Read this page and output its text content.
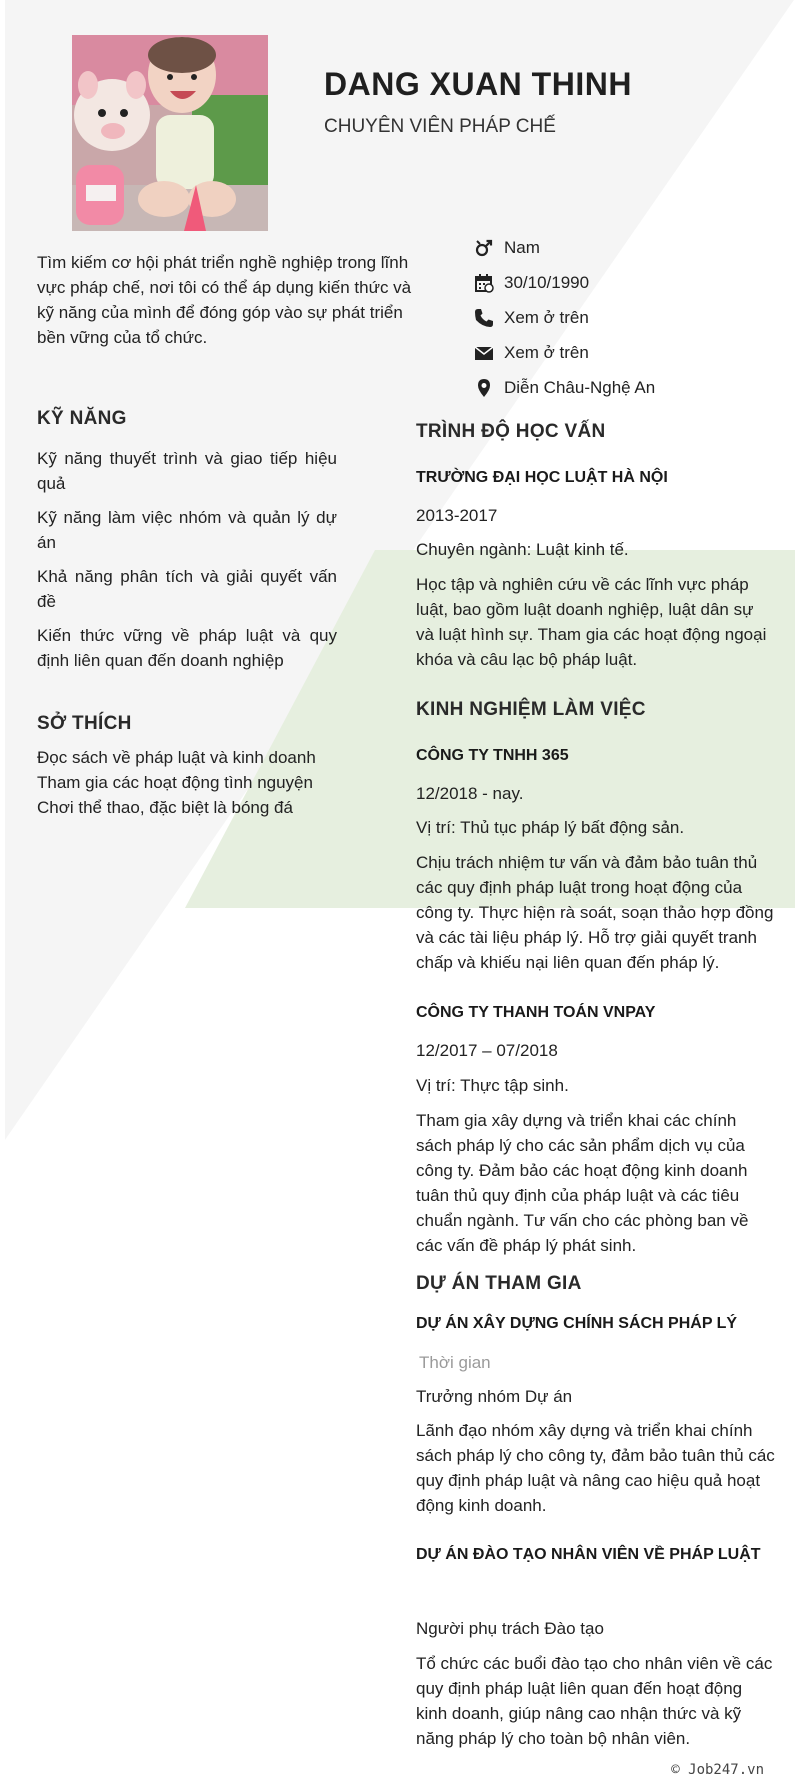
DANG XUAN THINH
CHUYÊN VIÊN PHÁP CHẾ
Tìm kiếm cơ hội phát triển nghề nghiệp trong lĩnh vực pháp chế, nơi tôi có thể áp dụng kiến thức và kỹ năng của mình để đóng góp vào sự phát triển bền vững của tổ chức.
Nam
30/10/1990
Xem ở trên
Xem ở trên
Diễn Châu-Nghệ An
KỸ NĂNG
Kỹ năng thuyết trình và giao tiếp hiệu quả
Kỹ năng làm việc nhóm và quản lý dự án
Khả năng phân tích và giải quyết vấn đề
Kiến thức vững về pháp luật và quy định liên quan đến doanh nghiệp
SỞ THÍCH
Đọc sách về pháp luật và kinh doanh
Tham gia các hoạt động tình nguyện
Chơi thể thao, đặc biệt là bóng đá
TRÌNH ĐỘ HỌC VẤN
TRƯỜNG ĐẠI HỌC LUẬT HÀ NỘI
2013-2017
Chuyên ngành: Luật kinh tế.
Học tập và nghiên cứu về các lĩnh vực pháp luật, bao gồm luật doanh nghiệp, luật dân sự và luật hình sự. Tham gia các hoạt động ngoại khóa và câu lạc bộ pháp luật.
KINH NGHIỆM LÀM VIỆC
CÔNG TY TNHH 365
12/2018 - nay.
Vị trí: Thủ tục pháp lý bất động sản.
Chịu trách nhiệm tư vấn và đảm bảo tuân thủ các quy định pháp luật trong hoạt động của công ty. Thực hiện rà soát, soạn thảo hợp đồng và các tài liệu pháp lý. Hỗ trợ giải quyết tranh chấp và khiếu nại liên quan đến pháp lý.
CÔNG TY THANH TOÁN VNPAY
12/2017 – 07/2018
Vị trí: Thực tập sinh.
Tham gia xây dựng và triển khai các chính sách pháp lý cho các sản phẩm dịch vụ của công ty. Đảm bảo các hoạt động kinh doanh tuân thủ quy định của pháp luật và các tiêu chuẩn ngành. Tư vấn cho các phòng ban về các vấn đề pháp lý phát sinh.
DỰ ÁN THAM GIA
DỰ ÁN XÂY DỰNG CHÍNH SÁCH PHÁP LÝ
Thời gian
Trưởng nhóm Dự án
Lãnh đạo nhóm xây dựng và triển khai chính sách pháp lý cho công ty, đảm bảo tuân thủ các quy định pháp luật và nâng cao hiệu quả hoạt động kinh doanh.
DỰ ÁN ĐÀO TẠO NHÂN VIÊN VỀ PHÁP LUẬT
Người phụ trách Đào tạo
Tổ chức các buổi đào tạo cho nhân viên về các quy định pháp luật liên quan đến hoạt động kinh doanh, giúp nâng cao nhận thức và kỹ năng pháp lý cho toàn bộ nhân viên.
© Job247.vn
